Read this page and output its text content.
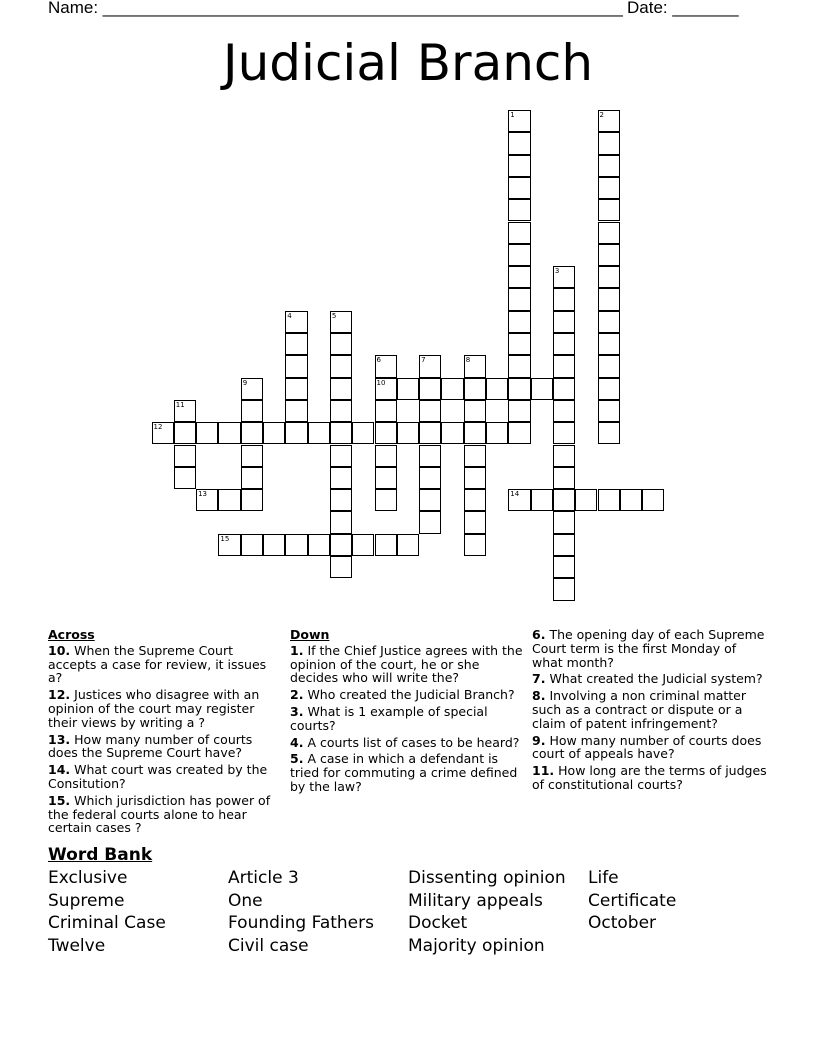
Name: _______________________________________________________ Date: _______
Judicial Branch
1	2
3
4	5
6	7	8
9	10
11
12
13	14
15
Across
10. When the Supreme Court accepts a case for review, it issues a?
12. Justices who disagree with an opinion of the court may register their views by writing a ?
13. How many number of courts does the Supreme Court have?
14. What court was created by the Consitution?
15. Which jurisdiction has power of the federal courts alone to hear certain cases ?
Down
1. If the Chief Justice agrees with the opinion of the court, he or she decides who will write the?
2. Who created the Judicial Branch?
3. What is 1 example of special courts?
4. A courts list of cases to be heard?
5. A case in which a defendant is tried for commuting a crime defined by the law?
6. The opening day of each Supreme Court term is the first Monday of what month?
7. What created the Judicial system?
8. Involving a non criminal matter such as a contract or dispute or a claim of patent infringement?
9. How many number of courts does court of appeals have?
11. How long are the terms of judges of constitutional courts?
Word Bank
Exclusive
Supreme
Criminal Case
Twelve
Article 3
One
Founding Fathers
Civil case
Dissenting opinion
Military appeals
Docket
Majority opinion
Life
Certificate
October
